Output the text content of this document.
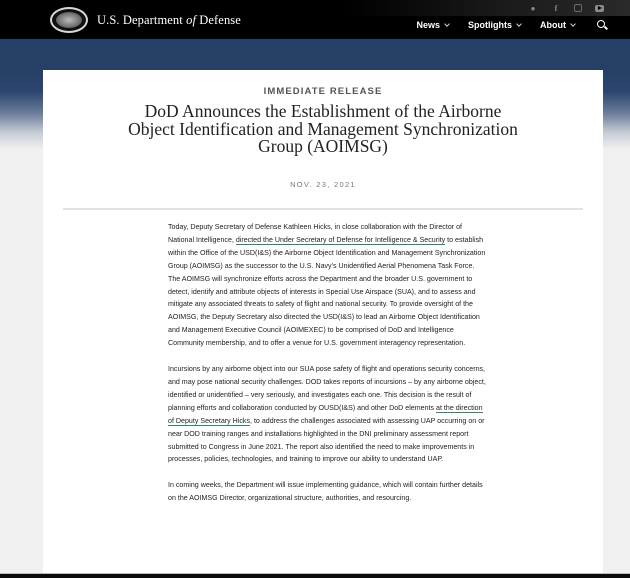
U.S. Department of Defense
●	f
News	Spotlights	About
IMMEDIATE RELEASE
DoD Announces the Establishment of the Airborne Object Identification and Management Synchronization Group (AOIMSG)
NOV. 23, 2021

Today, Deputy Secretary of Defense Kathleen Hicks, in close collaboration with the Director of National Intelligence, directed the Under Secretary of Defense for Intelligence & Security to establish within the Office of the USD(I&S) the Airborne Object Identification and Management Synchronization Group (AOIMSG) as the successor to the U.S. Navy's Unidentified Aerial Phenomena Task Force. The AOIMSG will synchronize efforts across the Department and the broader U.S. government to detect, identify and attribute objects of interests in Special Use Airspace (SUA), and to assess and mitigate any associated threats to safety of flight and national security. To provide oversight of the AOIMSG, the Deputy Secretary also directed the USD(I&S) to lead an Airborne Object Identification and Management Executive Council (AOIMEXEC) to be comprised of DoD and Intelligence Community membership, and to offer a venue for U.S. government interagency representation.

Incursions by any airborne object into our SUA pose safety of flight and operations security concerns, and may pose national security challenges. DOD takes reports of incursions – by any airborne object, identified or unidentified – very seriously, and investigates each one. This decision is the result of planning efforts and collaboration conducted by OUSD(I&S) and other DoD elements at the direction of Deputy Secretary Hicks, to address the challenges associated with assessing UAP occurring on or near DOD training ranges and installations highlighted in the DNI preliminary assessment report submitted to Congress in June 2021. The report also identified the need to make improvements in processes, policies, technologies, and training to improve our ability to understand UAP.

In coming weeks, the Department will issue implementing guidance, which will contain further details on the AOIMSG Director, organizational structure, authorities, and resourcing.
